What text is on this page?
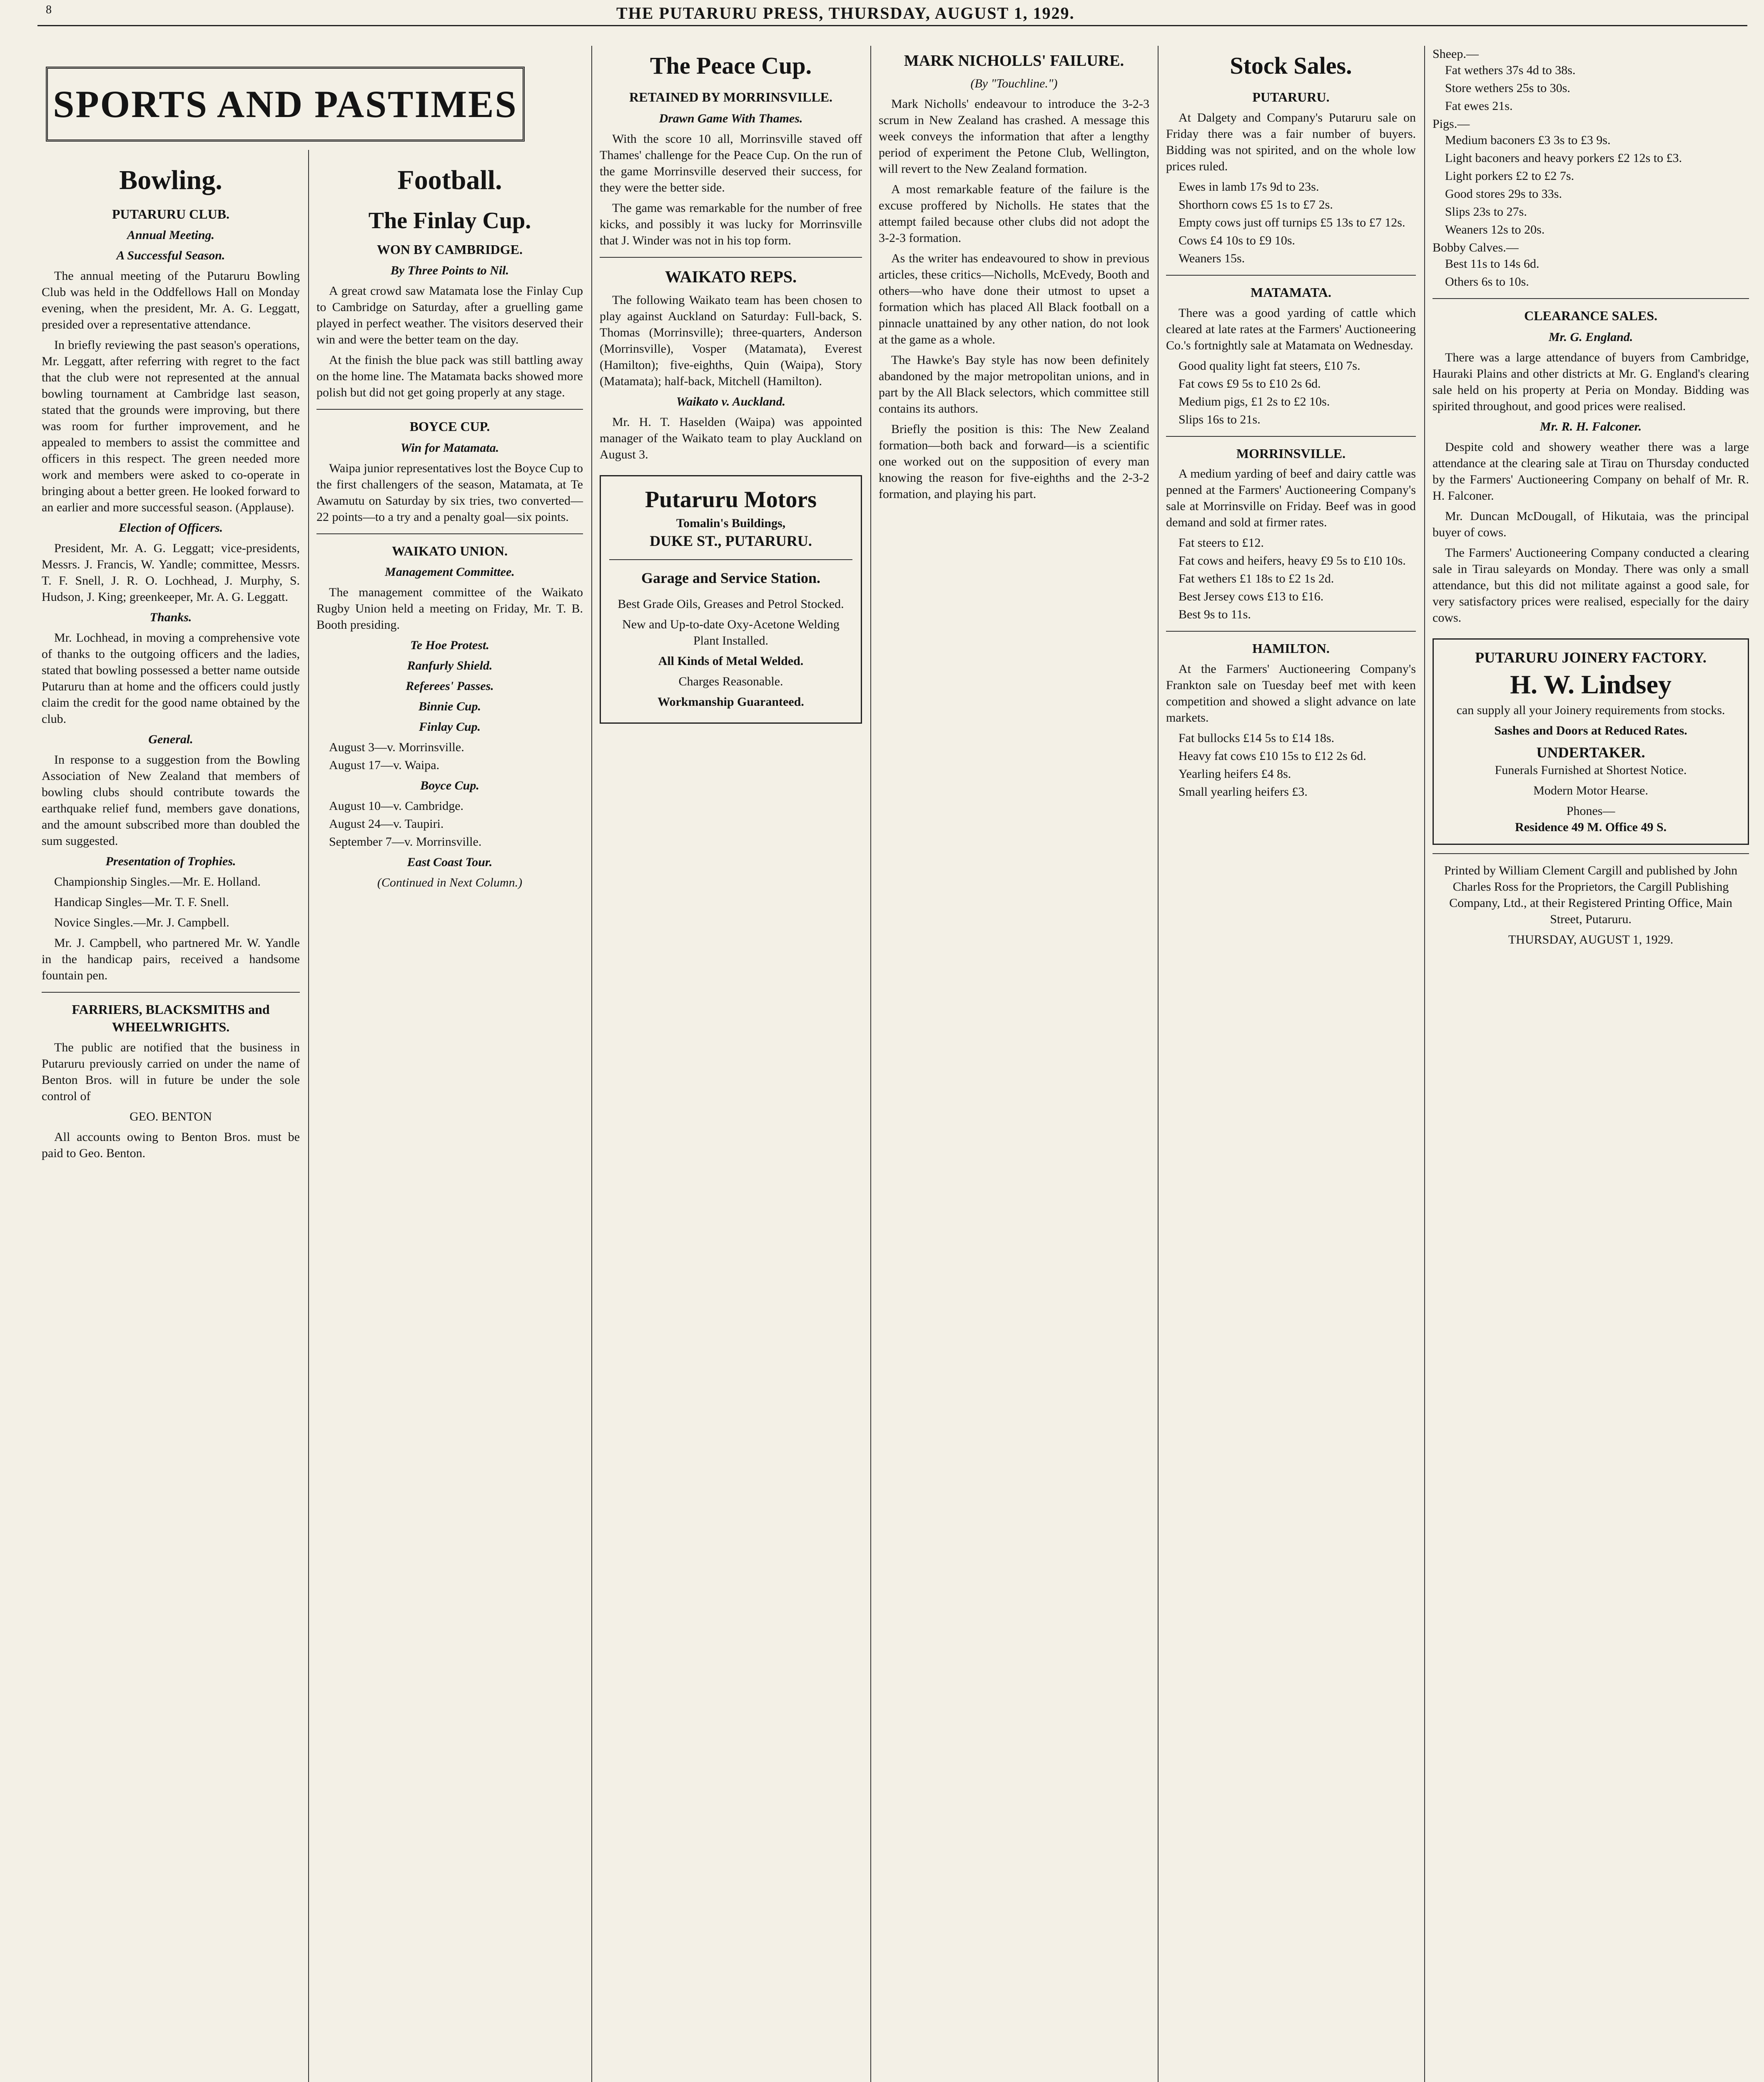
8	THE PUTARURU PRESS, THURSDAY, AUGUST 1, 1929.
SPORTS AND PASTIMES
Bowling.
PUTARURU CLUB.
Annual Meeting.
A Successful Season.

The annual meeting of the Putaruru Bowling Club was held in the Oddfellows Hall on Monday evening, when the president, Mr. A. G. Leggatt, presided over a representative attendance.

In briefly reviewing the past season's operations, Mr. Leggatt, after referring with regret to the fact that the club were not represented at the annual bowling tournament at Cambridge last season, stated that the grounds were improving, but there was room for further improvement, and he appealed to members to assist the committee and officers in this respect. The green needed more work and members were asked to co-operate in bringing about a better green. He looked forward to an earlier and more successful season. (Applause).

Election of Officers.

President, Mr. A. G. Leggatt; vice-presidents, Messrs. J. Francis, W. Yandle; committee, Messrs. T. F. Snell, J. R. O. Lochhead, J. Murphy, S. Hudson, J. King; greenkeeper, Mr. A. G. Leggatt.

Thanks.

Mr. Lochhead, in moving a comprehensive vote of thanks to the outgoing officers and the ladies, stated that bowling possessed a better name outside Putaruru than at home and the officers could justly claim the credit for the good name obtained by the club.

General.

In response to a suggestion from the Bowling Association of New Zealand that members of bowling clubs should contribute towards the earthquake relief fund, members gave donations, and the amount subscribed more than doubled the sum suggested.

Presentation of Trophies.

Championship Singles.—Mr. E. Holland.

Handicap Singles—Mr. T. F. Snell.

Novice Singles.—Mr. J. Campbell.

Mr. J. Campbell, who partnered Mr. W. Yandle in the handicap pairs, received a handsome fountain pen.

FARRIERS, BLACKSMITHS and WHEELWRIGHTS.

The public are notified that the business in Putaruru previously carried on under the name of Benton Bros. will in future be under the sole control of

GEO. BENTON

All accounts owing to Benton Bros. must be paid to Geo. Benton.

Football.
The Finlay Cup.
WON BY CAMBRIDGE.
By Three Points to Nil.

A great crowd saw Matamata lose the Finlay Cup to Cambridge on Saturday, after a gruelling game played in perfect weather. The visitors deserved their win and were the better team on the day.

At the finish the blue pack was still battling away on the home line. The Matamata backs showed more polish but did not get going properly at any stage.

BOYCE CUP.
Win for Matamata.

Waipa junior representatives lost the Boyce Cup to the first challengers of the season, Matamata, at Te Awamutu on Saturday by six tries, two converted—22 points—to a try and a penalty goal—six points.

WAIKATO UNION.
Management Committee.

The management committee of the Waikato Rugby Union held a meeting on Friday, Mr. T. B. Booth presiding.

Te Hoe Protest.
Ranfurly Shield.
Referees' Passes.
Binnie Cup.
Finlay Cup.
August 3—v. Morrinsville.
August 17—v. Waipa.
Boyce Cup.
August 10—v. Cambridge.
August 24—v. Taupiri.
September 7—v. Morrinsville.
East Coast Tour.
(Continued in Next Column.)
The Peace Cup.
RETAINED BY MORRINSVILLE.
Drawn Game With Thames.

With the score 10 all, Morrinsville staved off Thames' challenge for the Peace Cup. On the run of the game Morrinsville deserved their success, for they were the better side.

The game was remarkable for the number of free kicks, and possibly it was lucky for Morrinsville that J. Winder was not in his top form.

WAIKATO REPS.

The following Waikato team has been chosen to play against Auckland on Saturday: Full-back, S. Thomas (Morrinsville); three-quarters, Anderson (Morrinsville), Vosper (Matamata), Everest (Hamilton); five-eighths, Quin (Waipa), Story (Matamata); half-back, Mitchell (Hamilton).

Waikato v. Auckland.

Mr. H. T. Haselden (Waipa) was appointed manager of the Waikato team to play Auckland on August 3.

Putaruru Motors
Tomalin's Buildings,
DUKE ST., PUTARURU.
Garage and Service Station.

Best Grade Oils, Greases and Petrol Stocked.

New and Up-to-date Oxy-Acetone Welding Plant Installed.

All Kinds of Metal Welded.

Charges Reasonable.

Workmanship Guaranteed.

MARK NICHOLLS' FAILURE.
(By "Touchline.")

Mark Nicholls' endeavour to introduce the 3-2-3 scrum in New Zealand has crashed. A message this week conveys the information that after a lengthy period of experiment the Petone Club, Wellington, will revert to the New Zealand formation.

A most remarkable feature of the failure is the excuse proffered by Nicholls. He states that the attempt failed because other clubs did not adopt the 3-2-3 formation.

As the writer has endeavoured to show in previous articles, these critics—Nicholls, McEvedy, Booth and others—who have done their utmost to upset a formation which has placed All Black football on a pinnacle unattained by any other nation, do not look at the game as a whole.

The Hawke's Bay style has now been definitely abandoned by the major metropolitan unions, and in part by the All Black selectors, which committee still contains its authors.

Briefly the position is this: The New Zealand formation—both back and forward—is a scientific one worked out on the supposition of every man knowing the reason for five-eighths and the 2-3-2 formation, and playing his part.

Stock Sales.
PUTARURU.

At Dalgety and Company's Putaruru sale on Friday there was a fair number of buyers. Bidding was not spirited, and on the whole low prices ruled.

Ewes in lamb 17s 9d to 23s.
Shorthorn cows £5 1s to £7 2s.
Empty cows just off turnips £5 13s to £7 12s.
Cows £4 10s to £9 10s.
Weaners 15s.
MATAMATA.

There was a good yarding of cattle which cleared at late rates at the Farmers' Auctioneering Co.'s fortnightly sale at Matamata on Wednesday.

Good quality light fat steers, £10 7s.
Fat cows £9 5s to £10 2s 6d.
Medium pigs, £1 2s to £2 10s.
Slips 16s to 21s.
MORRINSVILLE.

A medium yarding of beef and dairy cattle was penned at the Farmers' Auctioneering Company's sale at Morrinsville on Friday. Beef was in good demand and sold at firmer rates.

Fat steers to £12.
Fat cows and heifers, heavy £9 5s to £10 10s.
Fat wethers £1 18s to £2 1s 2d.
Best Jersey cows £13 to £16.
Best 9s to 11s.
HAMILTON.

At the Farmers' Auctioneering Company's Frankton sale on Tuesday beef met with keen competition and showed a slight advance on late markets.

Fat bullocks £14 5s to £14 18s.
Heavy fat cows £10 15s to £12 2s 6d.
Yearling heifers £4 8s.
Small yearling heifers £3.
Sheep.—
Fat wethers 37s 4d to 38s.
Store wethers 25s to 30s.
Fat ewes 21s.
Pigs.—
Medium baconers £3 3s to £3 9s.
Light baconers and heavy porkers £2 12s to £3.
Light porkers £2 to £2 7s.
Good stores 29s to 33s.
Slips 23s to 27s.
Weaners 12s to 20s.
Bobby Calves.—
Best 11s to 14s 6d.
Others 6s to 10s.
CLEARANCE SALES.
Mr. G. England.

There was a large attendance of buyers from Cambridge, Hauraki Plains and other districts at Mr. G. England's clearing sale held on his property at Peria on Monday. Bidding was spirited throughout, and good prices were realised.

Mr. R. H. Falconer.

Despite cold and showery weather there was a large attendance at the clearing sale at Tirau on Thursday conducted by the Farmers' Auctioneering Company on behalf of Mr. R. H. Falconer.

Mr. Duncan McDougall, of Hikutaia, was the principal buyer of cows.

The Farmers' Auctioneering Company conducted a clearing sale in Tirau saleyards on Monday. There was only a small attendance, but this did not militate against a good sale, for very satisfactory prices were realised, especially for the dairy cows.

PUTARURU JOINERY FACTORY.
H. W. Lindsey

can supply all your Joinery requirements from stocks.

Sashes and Doors at Reduced Rates.

UNDERTAKER.

Funerals Furnished at Shortest Notice.

Modern Motor Hearse.

Phones—
Residence 49 M. Office 49 S.

Printed by William Clement Cargill and published by John Charles Ross for the Proprietors, the Cargill Publishing Company, Ltd., at their Registered Printing Office, Main Street, Putaruru.

THURSDAY, AUGUST 1, 1929.
